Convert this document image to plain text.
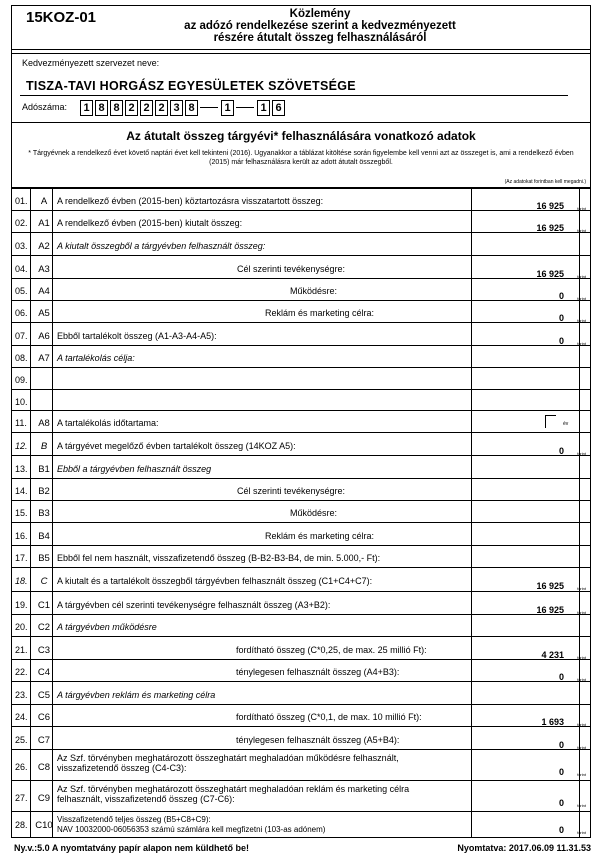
15KOZ-01	Közlemény
az adózó rendelkezése szerint a kedvezményezett
részére átutalt összeg felhasználásáról
Kedvezményezett szervezet neve:
TISZA-TAVI HORGÁSZ EGYESÜLETEK SZÖVETSÉGE
Adószáma:	1 8 8 2 2 2 3 8	1	1 6
Az átutalt összeg tárgyévi* felhasználására vonatkozó adatok
* Tárgyévnek a rendelkező évet követő naptári évet kell tekinteni (2016). Ugyanakkor a táblázat kitöltése során figyelembe kell venni azt az összeget is, ami a rendelkező évben (2015) már felhasználásra került az adott átutalt összegből.
(Az adatokat forintban kell megadni.)
01.	A	A rendelkező évben (2015-ben) köztartozásra visszatartott összeg:	16 925	forint
02.	A1 A rendelkező évben (2015-ben) kiutalt összeg:	16 925	forint
03.	A2 A kiutalt összegből a tárgyévben felhasznált összeg:
04.	A3	Cél szerinti tevékenységre:	16 925	forint
05.	A4	Működésre:	0	forint
06.	A5	Reklám és marketing célra:	0	forint
07.	A6 Ebből tartalékolt összeg (A1-A3-A4-A5):	0	forint
08.	A7 A tartalékolás célja:
09.
10.
11.	A8 A tartalékolás időtartama:
12.	B	A tárgyévet megelőző évben tartalékolt összeg (14KOZ A5):	0	forint
13.	B1 Ebből a tárgyévben felhasznált összeg
14.	B2	Cél szerinti tevékenységre:
15.	B3	Működésre:
16.	B4	Reklám és marketing célra:
17.	B5 Ebből fel nem használt, visszafizetendő összeg (B-B2-B3-B4, de min. 5.000,- Ft):
18.	C	A kiutalt és a tartalékolt összegből tárgyévben felhasznált összeg (C1+C4+C7):	16 925	forint
19.	C1 A tárgyévben cél szerinti tevékenységre felhasznált összeg (A3+B2):	16 925	forint
20.	C2 A tárgyévben működésre
21.	C3	fordítható összeg (C*0,25, de max. 25 millió Ft):	4 231	forint
22.	C4	ténylegesen felhasznált összeg (A4+B3):	0	forint
23.	C5 A tárgyévben reklám és marketing célra
24.	C6	fordítható összeg (C*0,1, de max. 10 millió Ft):	1 693	forint
25.	C7	ténylegesen felhasznált összeg (A5+B4):	0	forint
26.	C8
Az Szf. törvényben meghatározott összeghatárt meghaladóan működésre felhasznált,
visszafizetendő összeg (C4-C3):	0	forint
27.	C9
Az Szf. törvényben meghatározott összeghatárt meghaladóan reklám és marketing célra
felhasznált, visszafizetendő összeg (C7-C6):	0	forint
28. C10
Visszafizetendő teljes összeg (B5+C8+C9):
NAV 10032000-06056353 számú számlára kell megfizetni (103-as adónem)	0	forint
év
Ny.v.:5.0 A nyomtatvány papír alapon nem küldhető be!	Nyomtatva: 2017.06.09 11.31.53
